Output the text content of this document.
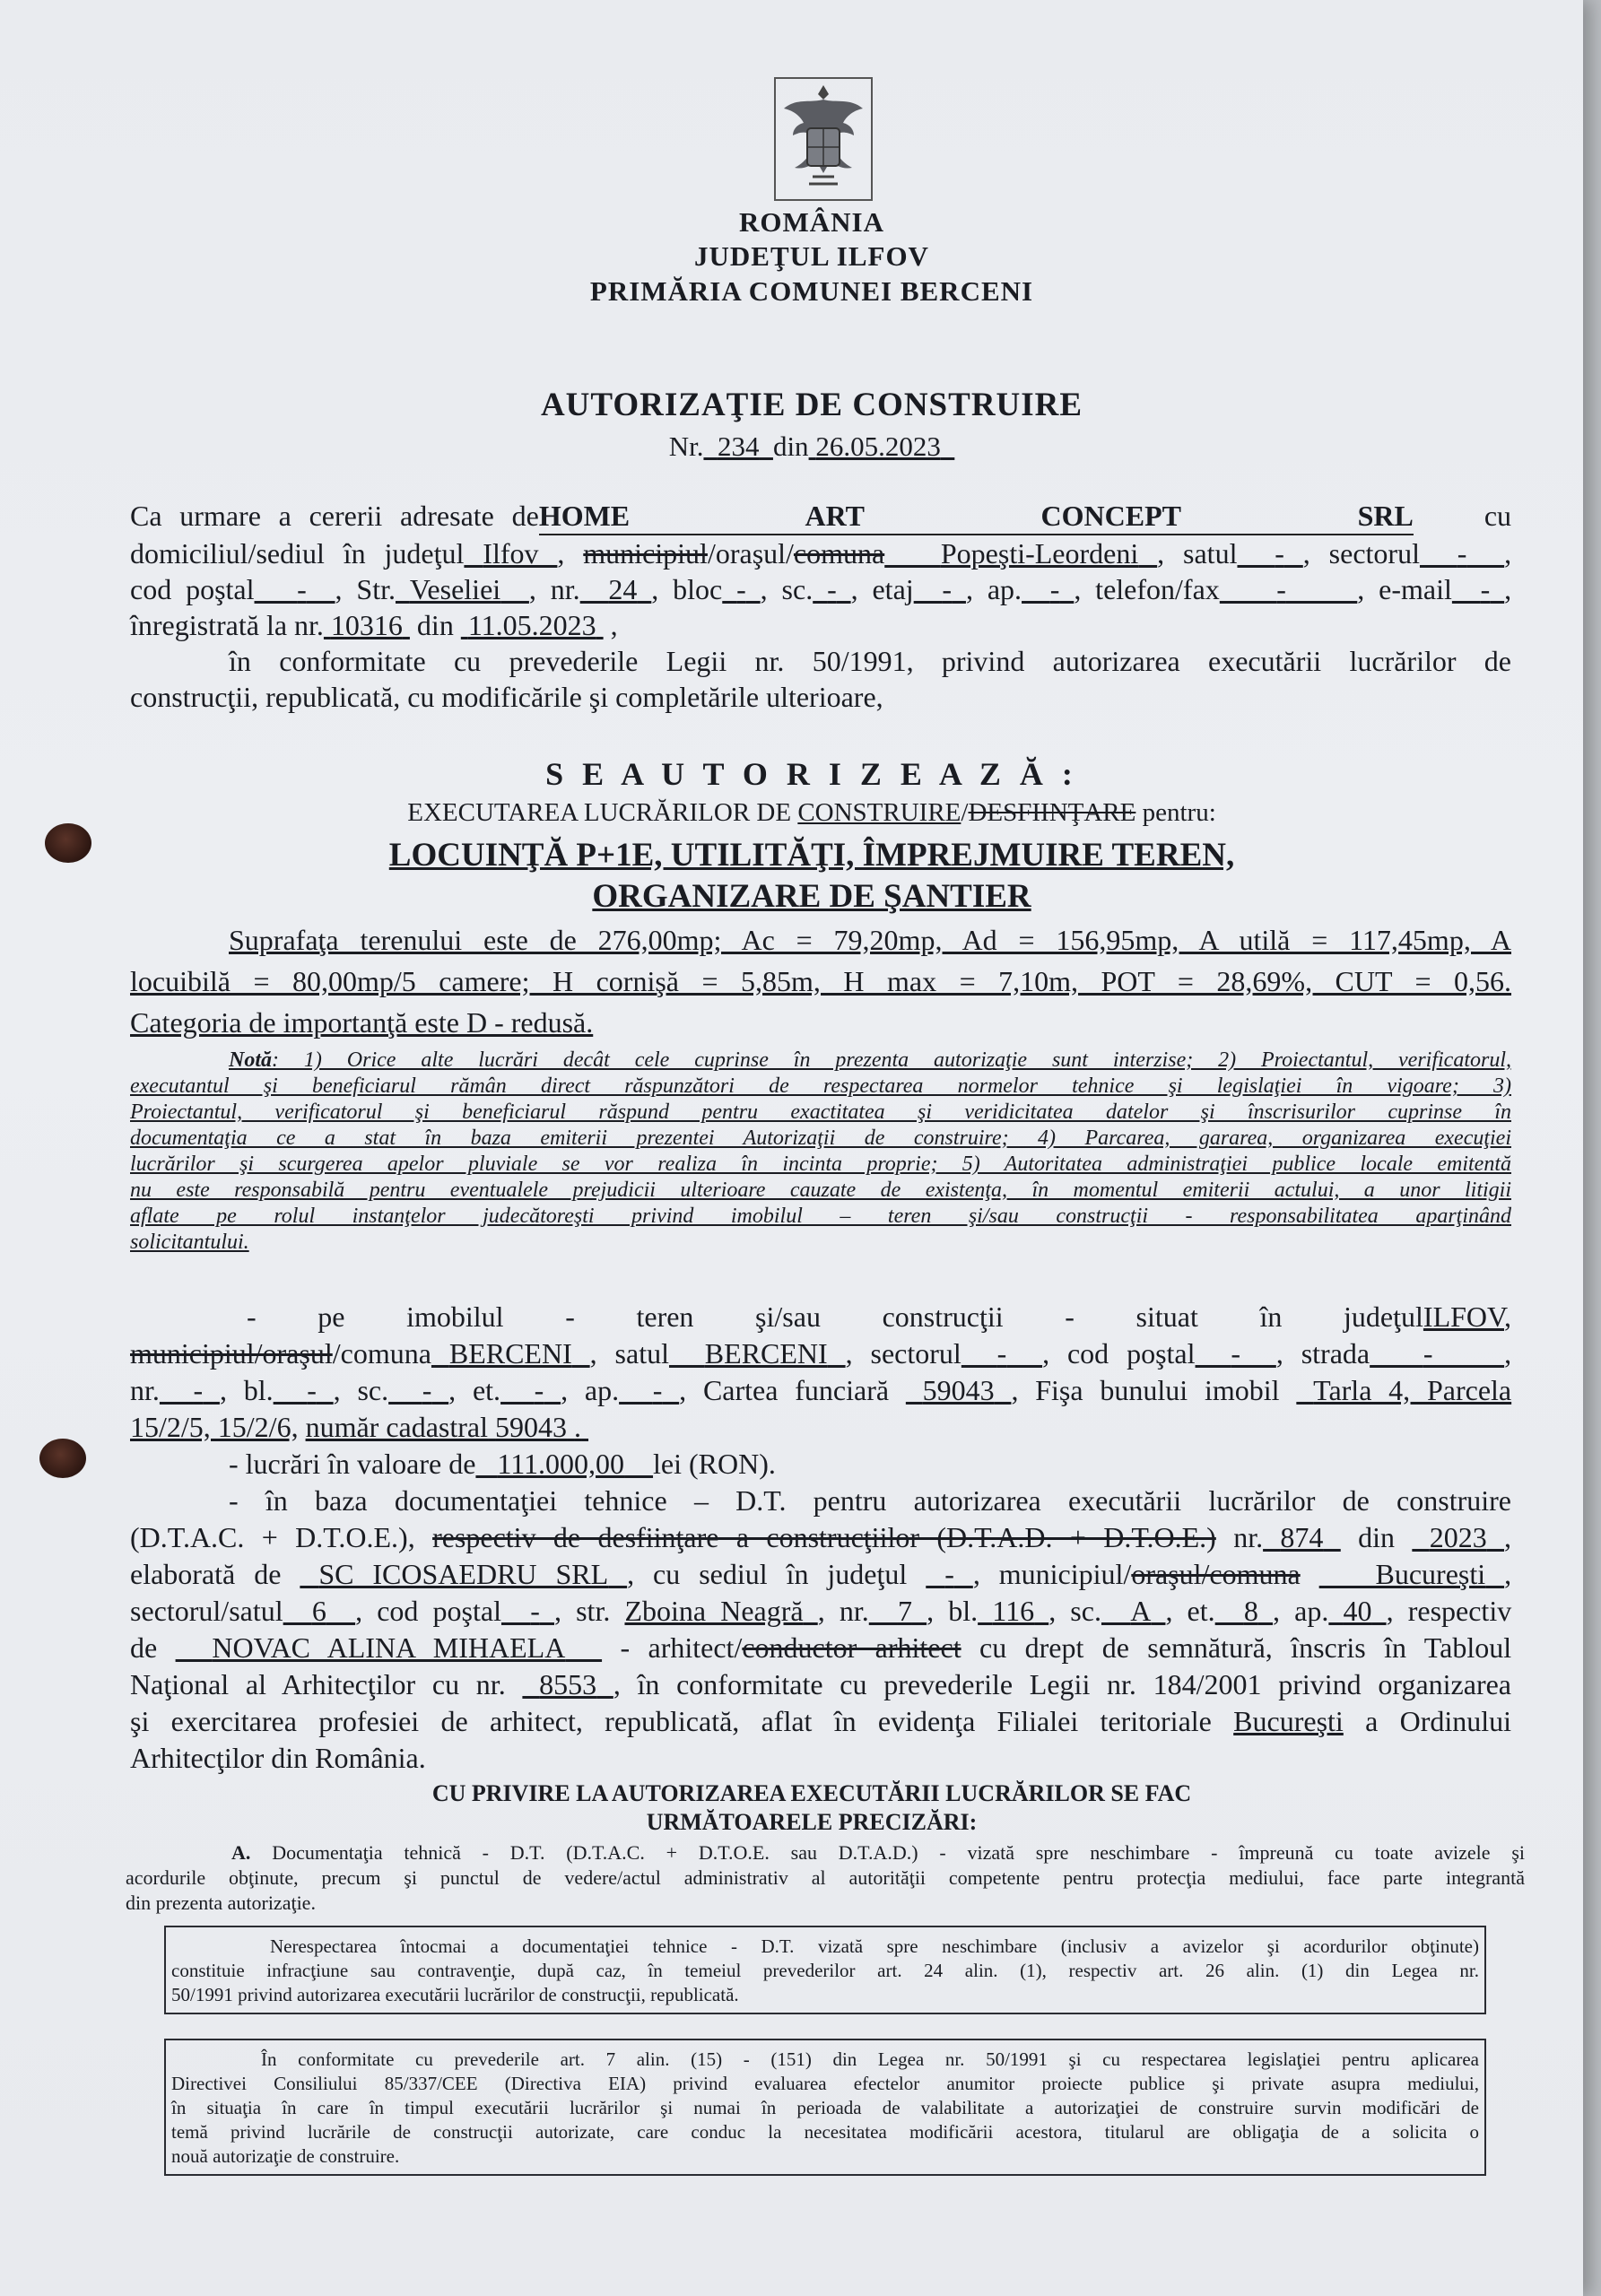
ROMÂNIA
JUDEŢUL ILFOV
PRIMĂRIA COMUNEI BERCENI
AUTORIZAŢIE DE CONSTRUIRE
Nr. 234 din 26.05.2023
Ca urmare a cererii adresate deHOME ART CONCEPT SRL cu
domiciliul/sediul în judeţul Ilfov , municipiul/oraşul/comuna Popeşti-Leordeni , satul - , sectorul - ,
cod poştal - , Str. Veseliei , nr. 24 , bloc - , sc. - , etaj - , ap. - , telefon/fax - , e-mail - ,
înregistrată la nr. 10316 din 11.05.2023  ,
în conformitate cu prevederile Legii nr. 50/1991, privind autorizarea executării lucrărilor de
construcţii, republicată, cu modificările şi completările ulterioare,
S E A U T O R I Z E A Z Ă :
EXECUTAREA LUCRĂRILOR DE CONSTRUIRE/DESFIINŢARE pentru:
LOCUINŢĂ P+1E, UTILITĂŢI, ÎMPREJMUIRE TEREN,
ORGANIZARE DE ŞANTIER
Suprafaţa terenului este de 276,00mp; Ac = 79,20mp, Ad = 156,95mp, A utilă = 117,45mp, A
locuibilă = 80,00mp/5 camere; H cornişă = 5,85m, H max = 7,10m, POT = 28,69%, CUT = 0,56.
Categoria de importanţă este D - redusă.
Notă: 1) Orice alte lucrări decât cele cuprinse în prezenta autorizaţie sunt interzise; 2) Proiectantul, verificatorul,
executantul şi beneficiarul rămân direct răspunzători de respectarea normelor tehnice şi legislaţiei în vigoare; 3)
Proiectantul, verificatorul şi beneficiarul răspund pentru exactitatea şi veridicitatea datelor şi înscrisurilor cuprinse în
documentaţia ce a stat în baza emiterii prezentei Autorizaţii de construire; 4) Parcarea, gararea, organizarea execuţiei
lucrărilor şi scurgerea apelor pluviale se vor realiza în incinta proprie; 5) Autoritatea administraţiei publice locale emitentă
nu este responsabilă pentru eventualele prejudicii ulterioare cauzate de existenţa, în momentul emiterii actului, a unor litigii
aflate pe rolul instanţelor judecătoreşti privind imobilul – teren şi/sau construcţii - responsabilitatea aparţinând
solicitantului.
- pe imobilul - teren şi/sau construcţii - situat în judeţulILFOV,
municipiul/oraşul/comuna BERCENI , satul BERCENI , sectorul - , cod poştal - , strada - ,
nr. - , bl. - , sc. - , et. - , ap. - , Cartea funciară 59043 , Fişa bunului imobil Tarla 4, Parcela
15/2/5, 15/2/6, număr cadastral 59043 .
- lucrări în valoare de 111.000,00 lei (RON).
- în baza documentaţiei tehnice – D.T. pentru autorizarea executării lucrărilor de construire
(D.T.A.C. + D.T.O.E.), respectiv de desfiinţare a construcţiilor (D.T.A.D. + D.T.O.E.) nr. 874 din 2023 ,
elaborată de SC ICOSAEDRU SRL , cu sediul în judeţul - , municipiul/oraşul/comuna	Bucureşti ,
sectorul/satul 6 , cod poştal - , str. Zboina Neagră , nr. 7 , bl. 116 , sc. A , et. 8 , ap. 40 , respectiv
de NOVAC ALINA MIHAELA - arhitect/conductor arhitect cu drept de semnătură, înscris în Tabloul
Naţional al Arhitecţilor cu nr. 8553 , în conformitate cu prevederile Legii nr. 184/2001 privind organizarea
şi exercitarea profesiei de arhitect, republicată, aflat în evidenţa Filialei teritoriale Bucureşti a Ordinului
Arhitecţilor din România.
CU PRIVIRE LA AUTORIZAREA EXECUTĂRII LUCRĂRILOR SE FAC
URMĂTOARELE PRECIZĂRI:
A. Documentaţia tehnică - D.T. (D.T.A.C. + D.T.O.E. sau D.T.A.D.) - vizată spre neschimbare - împreună cu toate avizele şi
acordurile obţinute, precum şi punctul de vedere/actul administrativ al autorităţii competente pentru protecţia mediului, face parte integrantă
din prezenta autorizaţie.
Nerespectarea întocmai a documentaţiei tehnice - D.T. vizată spre neschimbare (inclusiv a avizelor şi acordurilor obţinute)
constituie infracţiune sau contravenţie, după caz, în temeiul prevederilor art. 24 alin. (1), respectiv art. 26 alin. (1) din Legea nr.
50/1991 privind autorizarea executării lucrărilor de construcţii, republicată.
În conformitate cu prevederile art. 7 alin. (15) - (151) din Legea nr. 50/1991 şi cu respectarea legislaţiei pentru aplicarea
Directivei Consiliului 85/337/CEE (Directiva EIA) privind evaluarea efectelor anumitor proiecte publice şi private asupra mediului,
în situaţia în care în timpul executării lucrărilor şi numai în perioada de valabilitate a autorizaţiei de construire survin modificări de
temă privind lucrările de construcţii autorizate, care conduc la necesitatea modificării acestora, titularul are obligaţia de a solicita o
nouă autorizaţie de construire.
